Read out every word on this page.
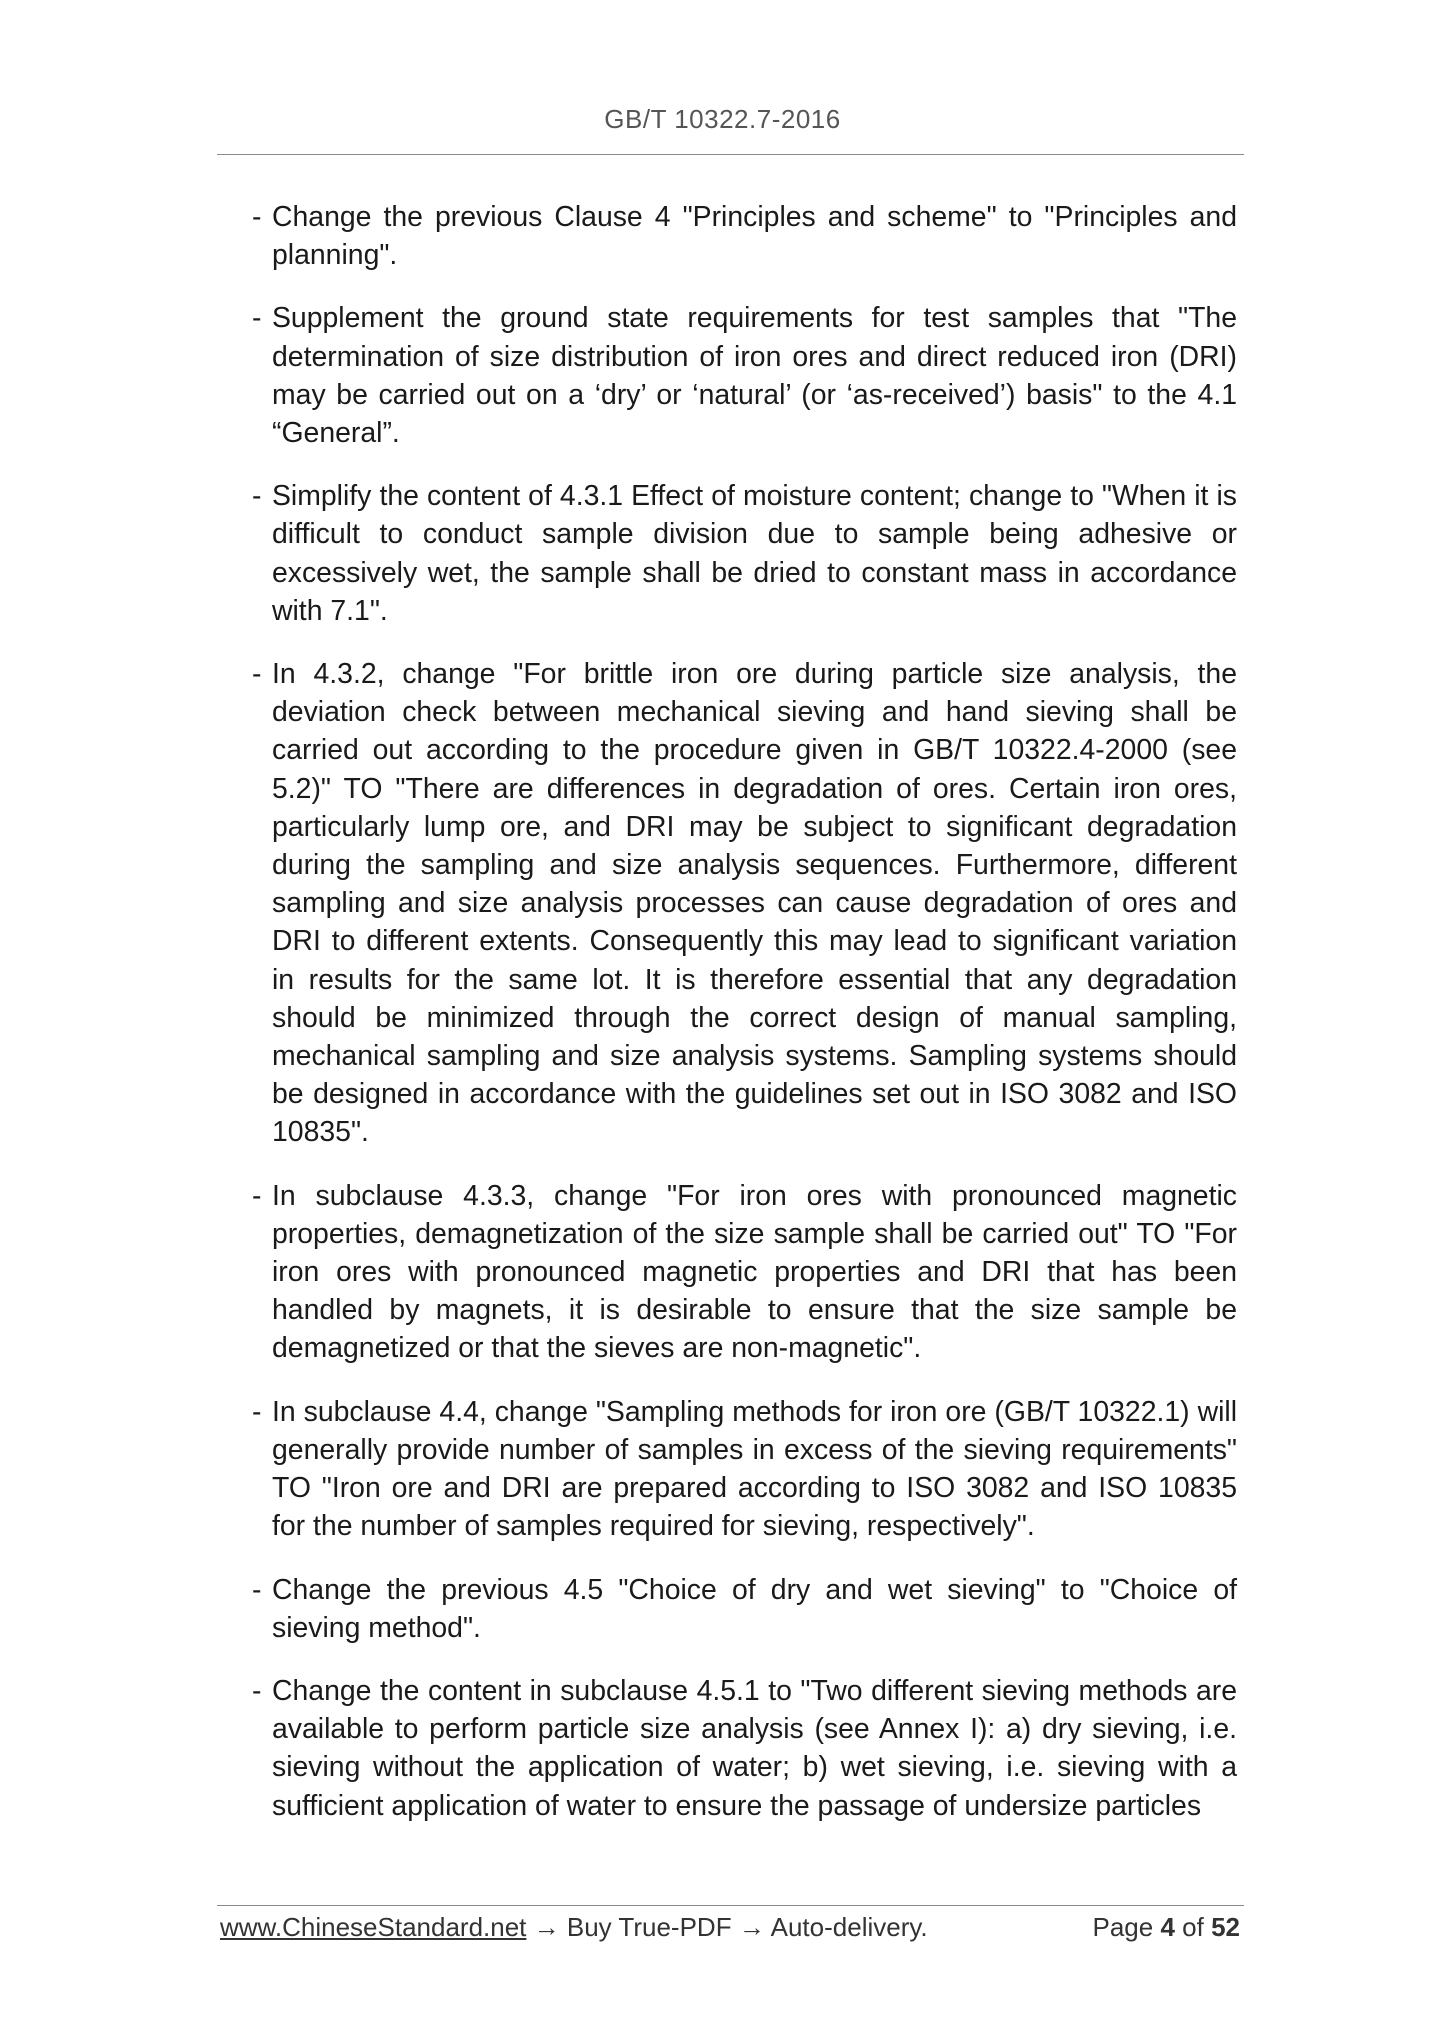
GB/T 10322.7-2016
- Change the previous Clause 4 "Principles and scheme" to "Principles and planning".
- Supplement the ground state requirements for test samples that "The determination of size distribution of iron ores and direct reduced iron (DRI) may be carried out on a ‘dry’ or ‘natural’ (or ‘as-received’) basis" to the 4.1 “General”.
- Simplify the content of 4.3.1 Effect of moisture content; change to "When it is difficult to conduct sample division due to sample being adhesive or excessively wet, the sample shall be dried to constant mass in accordance with 7.1".
- In 4.3.2, change "For brittle iron ore during particle size analysis, the deviation check between mechanical sieving and hand sieving shall be carried out according to the procedure given in GB/T 10322.4-2000 (see 5.2)" TO "There are differences in degradation of ores. Certain iron ores, particularly lump ore, and DRI may be subject to significant degradation during the sampling and size analysis sequences. Furthermore, different sampling and size analysis processes can cause degradation of ores and DRI to different extents. Consequently this may lead to significant variation in results for the same lot. It is therefore essential that any degradation should be minimized through the correct design of manual sampling, mechanical sampling and size analysis systems. Sampling systems should be designed in accordance with the guidelines set out in ISO 3082 and ISO 10835".
- In subclause 4.3.3, change "For iron ores with pronounced magnetic properties, demagnetization of the size sample shall be carried out" TO "For iron ores with pronounced magnetic properties and DRI that has been handled by magnets, it is desirable to ensure that the size sample be demagnetized or that the sieves are non-magnetic".
- In subclause 4.4, change "Sampling methods for iron ore (GB/T 10322.1) will generally provide number of samples in excess of the sieving requirements" TO "Iron ore and DRI are prepared according to ISO 3082 and ISO 10835 for the number of samples required for sieving, respectively".
- Change the previous 4.5 "Choice of dry and wet sieving" to "Choice of sieving method".
- Change the content in subclause 4.5.1 to "Two different sieving methods are available to perform particle size analysis (see Annex I): a) dry sieving, i.e. sieving without the application of water; b) wet sieving, i.e. sieving with a sufficient application of water to ensure the passage of undersize particles
www.ChineseStandard.net → Buy True-PDF → Auto-delivery.	Page 4 of 52
